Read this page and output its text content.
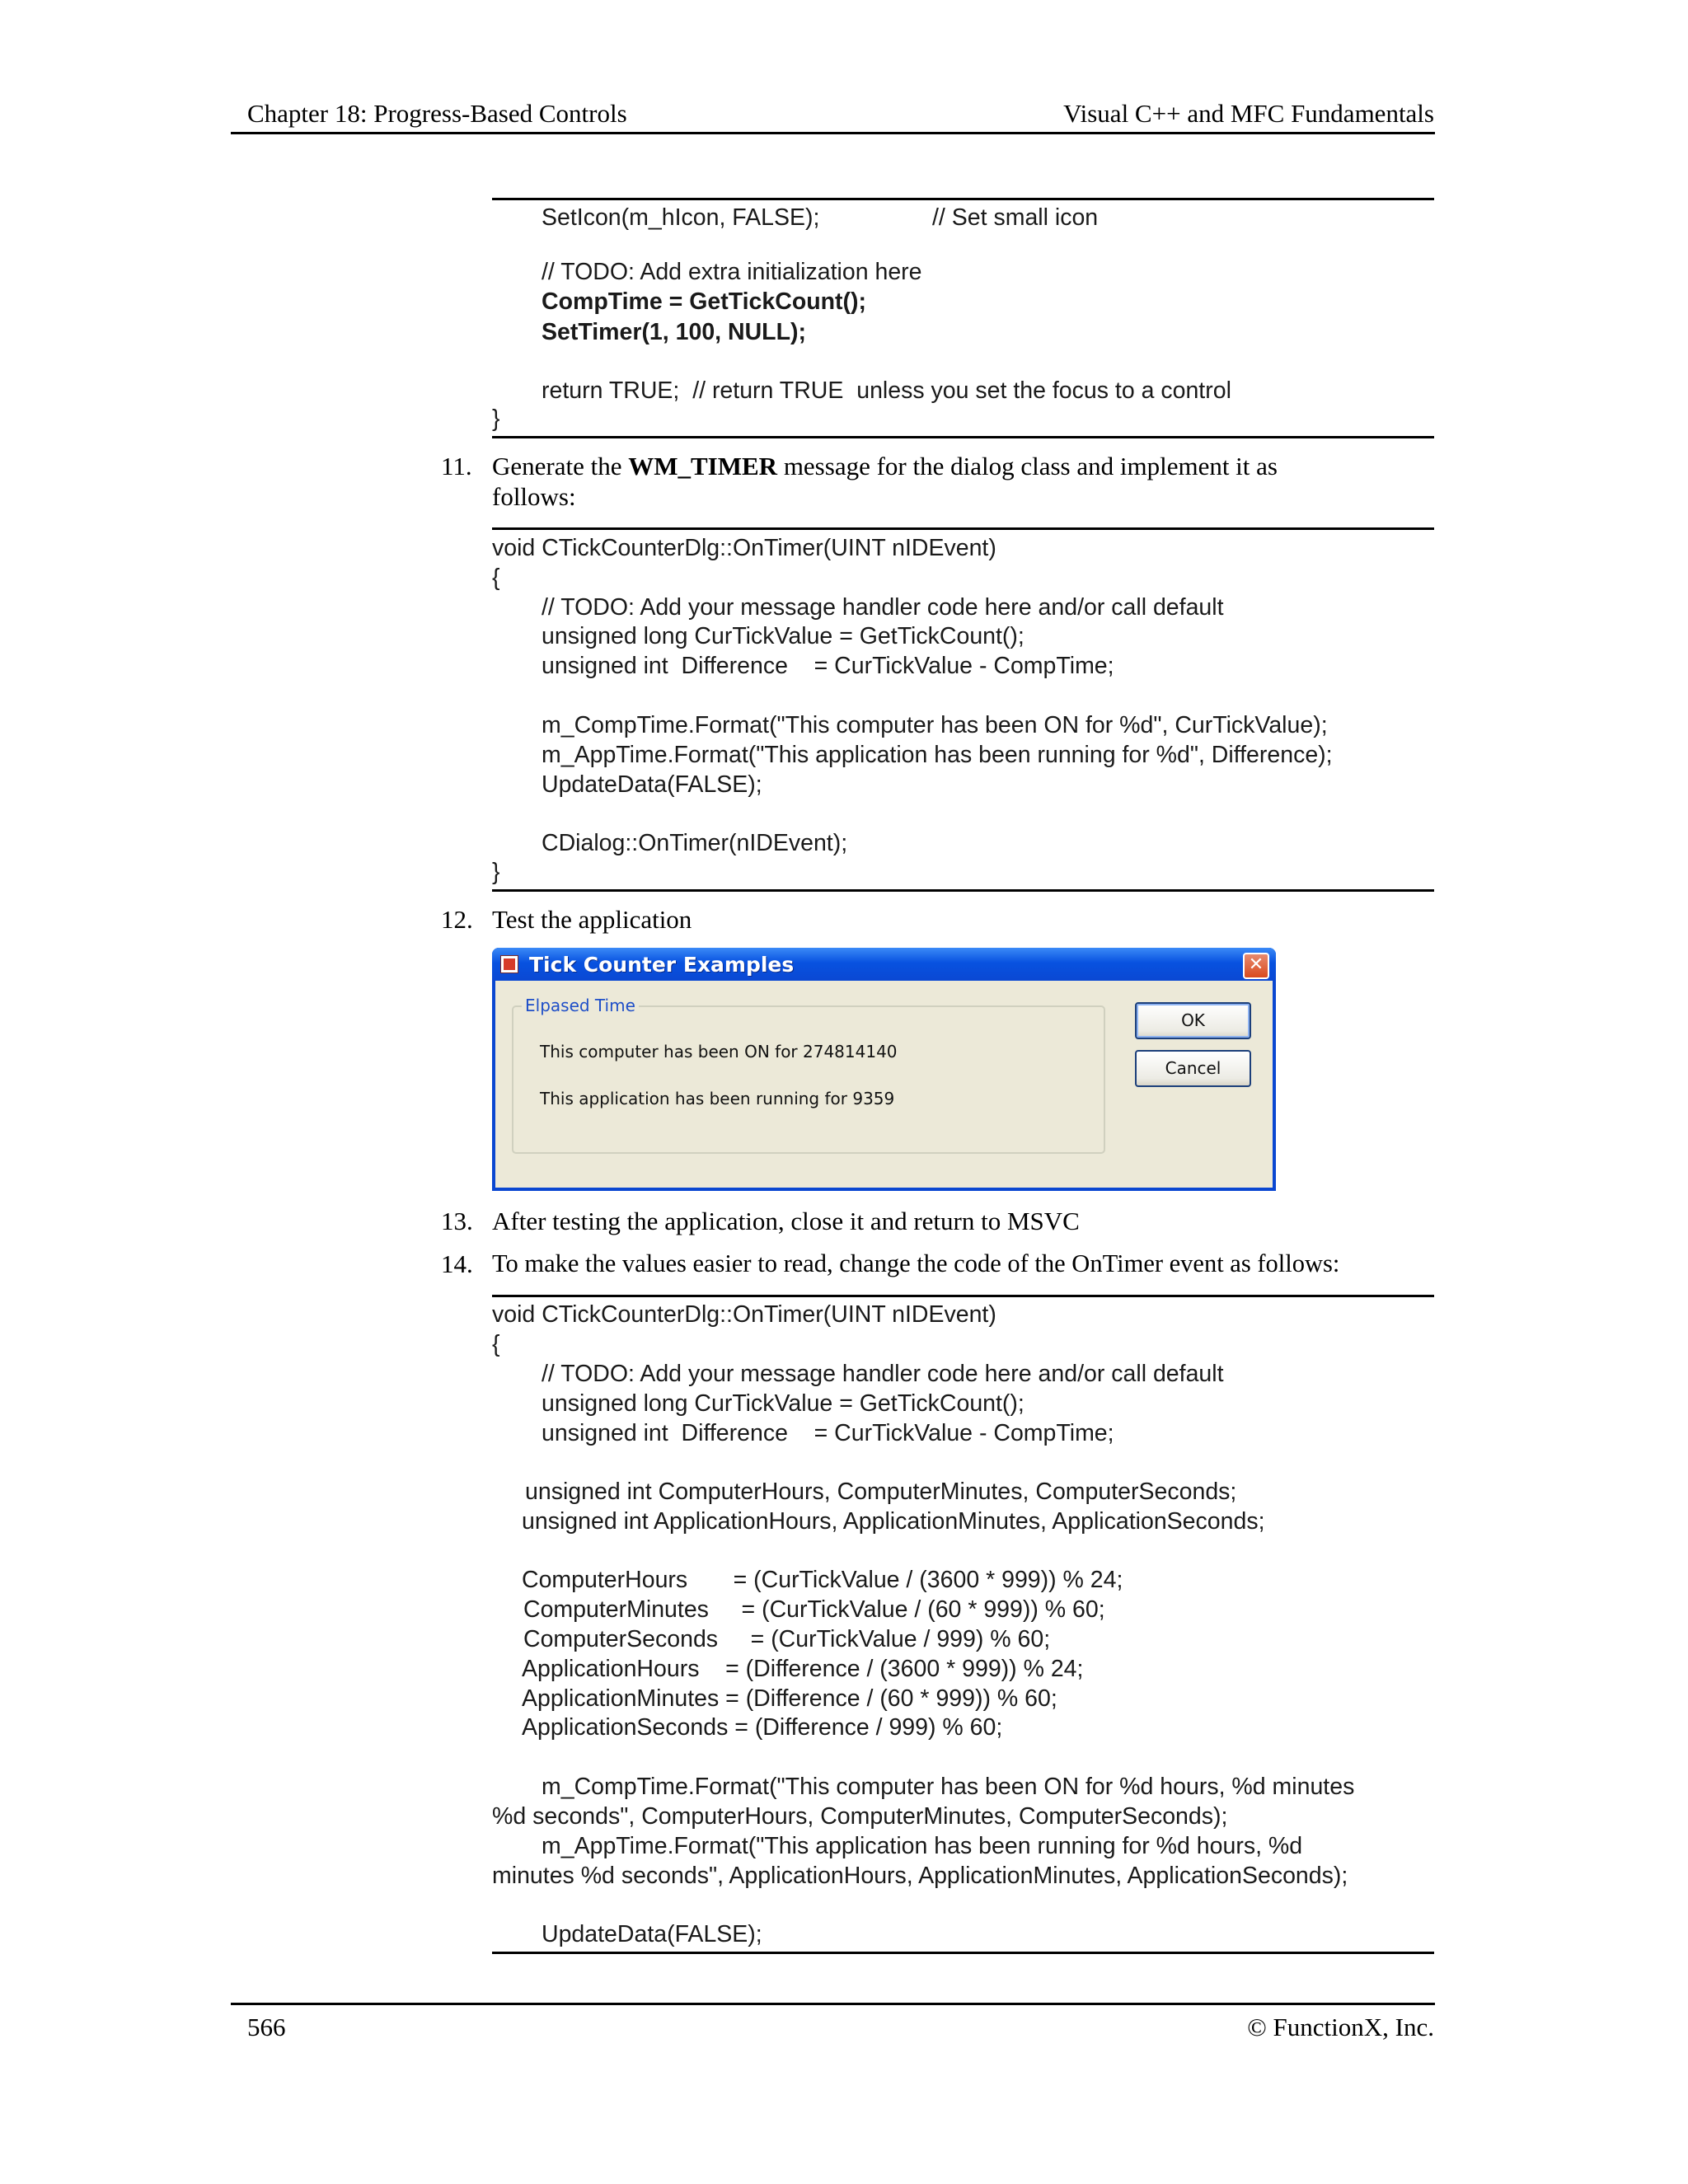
Chapter 18: Progress-Based Controls	Visual C++ and MFC Fundamentals
SetIcon(m_hIcon, FALSE);	// Set small icon
// TODO: Add extra initialization here
CompTime = GetTickCount();
SetTimer(1, 100, NULL);
return TRUE;  // return TRUE  unless you set the focus to a control
}
11. Generate the WM_TIMER message for the dialog class and implement it as
follows:
void CTickCounterDlg::OnTimer(UINT nIDEvent)
{
// TODO: Add your message handler code here and/or call default
unsigned long CurTickValue = GetTickCount();
unsigned int  Difference    = CurTickValue - CompTime;
m_CompTime.Format("This computer has been ON for %d", CurTickValue);
m_AppTime.Format("This application has been running for %d", Difference);
UpdateData(FALSE);
CDialog::OnTimer(nIDEvent);
}
12. Test the application
Tick Counter Examples	✕
Elpased Time
This computer has been ON for 274814140
This application has been running for 9359
OK
Cancel
13. After testing the application, close it and return to MSVC
14. To make the values easier to read, change the code of the OnTimer event as follows:
void CTickCounterDlg::OnTimer(UINT nIDEvent)
{
// TODO: Add your message handler code here and/or call default
unsigned long CurTickValue = GetTickCount();
unsigned int  Difference    = CurTickValue - CompTime;
unsigned int ComputerHours, ComputerMinutes, ComputerSeconds;
unsigned int ApplicationHours, ApplicationMinutes, ApplicationSeconds;
ComputerHours       = (CurTickValue / (3600 * 999)) % 24;
ComputerMinutes     = (CurTickValue / (60 * 999)) % 60;
ComputerSeconds     = (CurTickValue / 999) % 60;
ApplicationHours    = (Difference / (3600 * 999)) % 24;
ApplicationMinutes = (Difference / (60 * 999)) % 60;
ApplicationSeconds = (Difference / 999) % 60;
m_CompTime.Format("This computer has been ON for %d hours, %d minutes
%d seconds", ComputerHours, ComputerMinutes, ComputerSeconds);
m_AppTime.Format("This application has been running for %d hours, %d
minutes %d seconds", ApplicationHours, ApplicationMinutes, ApplicationSeconds);
UpdateData(FALSE);
566	© FunctionX, Inc.
